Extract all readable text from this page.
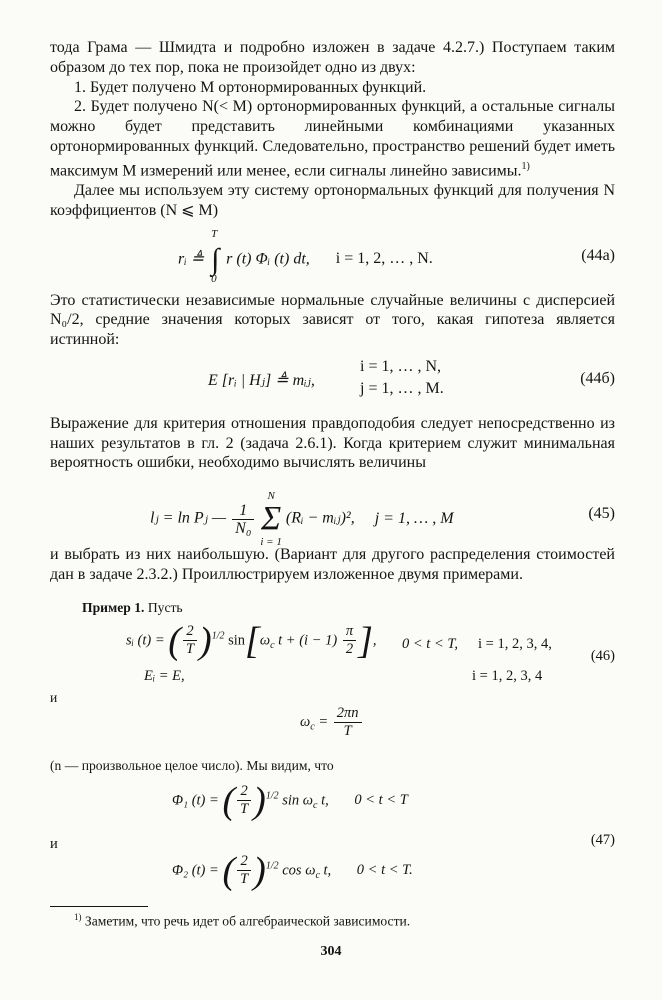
тода Грама — Шмидта и подробно изложен в задаче 4.2.7.) Поступаем таким образом до тех пор, пока не произойдет одно из двух:

1. Будет получено M ортонормированных функций.

2. Будет получено N(< M) ортонормированных функций, а остальные сигналы можно будет представить линейными комбинациями указанных ортонормированных функций. Следовательно, пространство решений будет иметь максимум M измерений или менее, если сигналы линейно зависимы.$^{1)}$

Далее мы используем эту систему ортонормальных функций для получения N коэффициентов (N ⩽ M)

rᵢ ≜
T
∫
0
r (t) Φᵢ (t) dt, i = 1, 2, … , N.	(44а)

Это статистически независимые нормальные случайные величины с дисперсией N₀/2, средние значения которых зависят от того, какая гипотеза является истинной:

E [rᵢ | Hⱼ] ≜ mᵢⱼ,
i = 1, … , N,
j = 1, … , M.
(44б)

Выражение для критерия отношения правдоподобия следует непосредственно из наших результатов в гл. 2 (задача 2.6.1). Когда критерием служит минимальная вероятность ошибки, необходимо вычислять величины

lⱼ = ln Pⱼ — $\frac{1}{\text{N₀}}$

N
Σ
i = 1
(Rᵢ − mᵢⱼ)², j = 1, … , M	(45)

и выбрать из них наибольшую. (Вариант для другого распределения стоимостей дан в задаче 2.3.2.) Проиллюстрируем изложенное двумя примерами.

Пример 1. Пусть

sᵢ (t) = ( $\frac{2}{T} )^{1/2}$ $\sin[\omega_c$ $t + (i - 1) \frac{\pi}{2}$ ], 0 < t < T, i = 1, 2, 3, 4,
(46)
Eᵢ = E,	i = 1, 2, 3, 4

и

$\omega_c = \frac{2\pi n}{T}$

(n — произвольное целое число). Мы видим, что

Φ₁ (t) = ( $\frac{2}{T} )^{1/2}$ $\sin \omega_c$ t, 0 < t < T
и	(47)
Φ₂ (t) = ( $\frac{2}{T} )^{1/2}$ $\cos \omega_c$ t, 0 < t < T.

$^{1)}$ Заметим, что речь идет об алгебраической зависимости.

304
